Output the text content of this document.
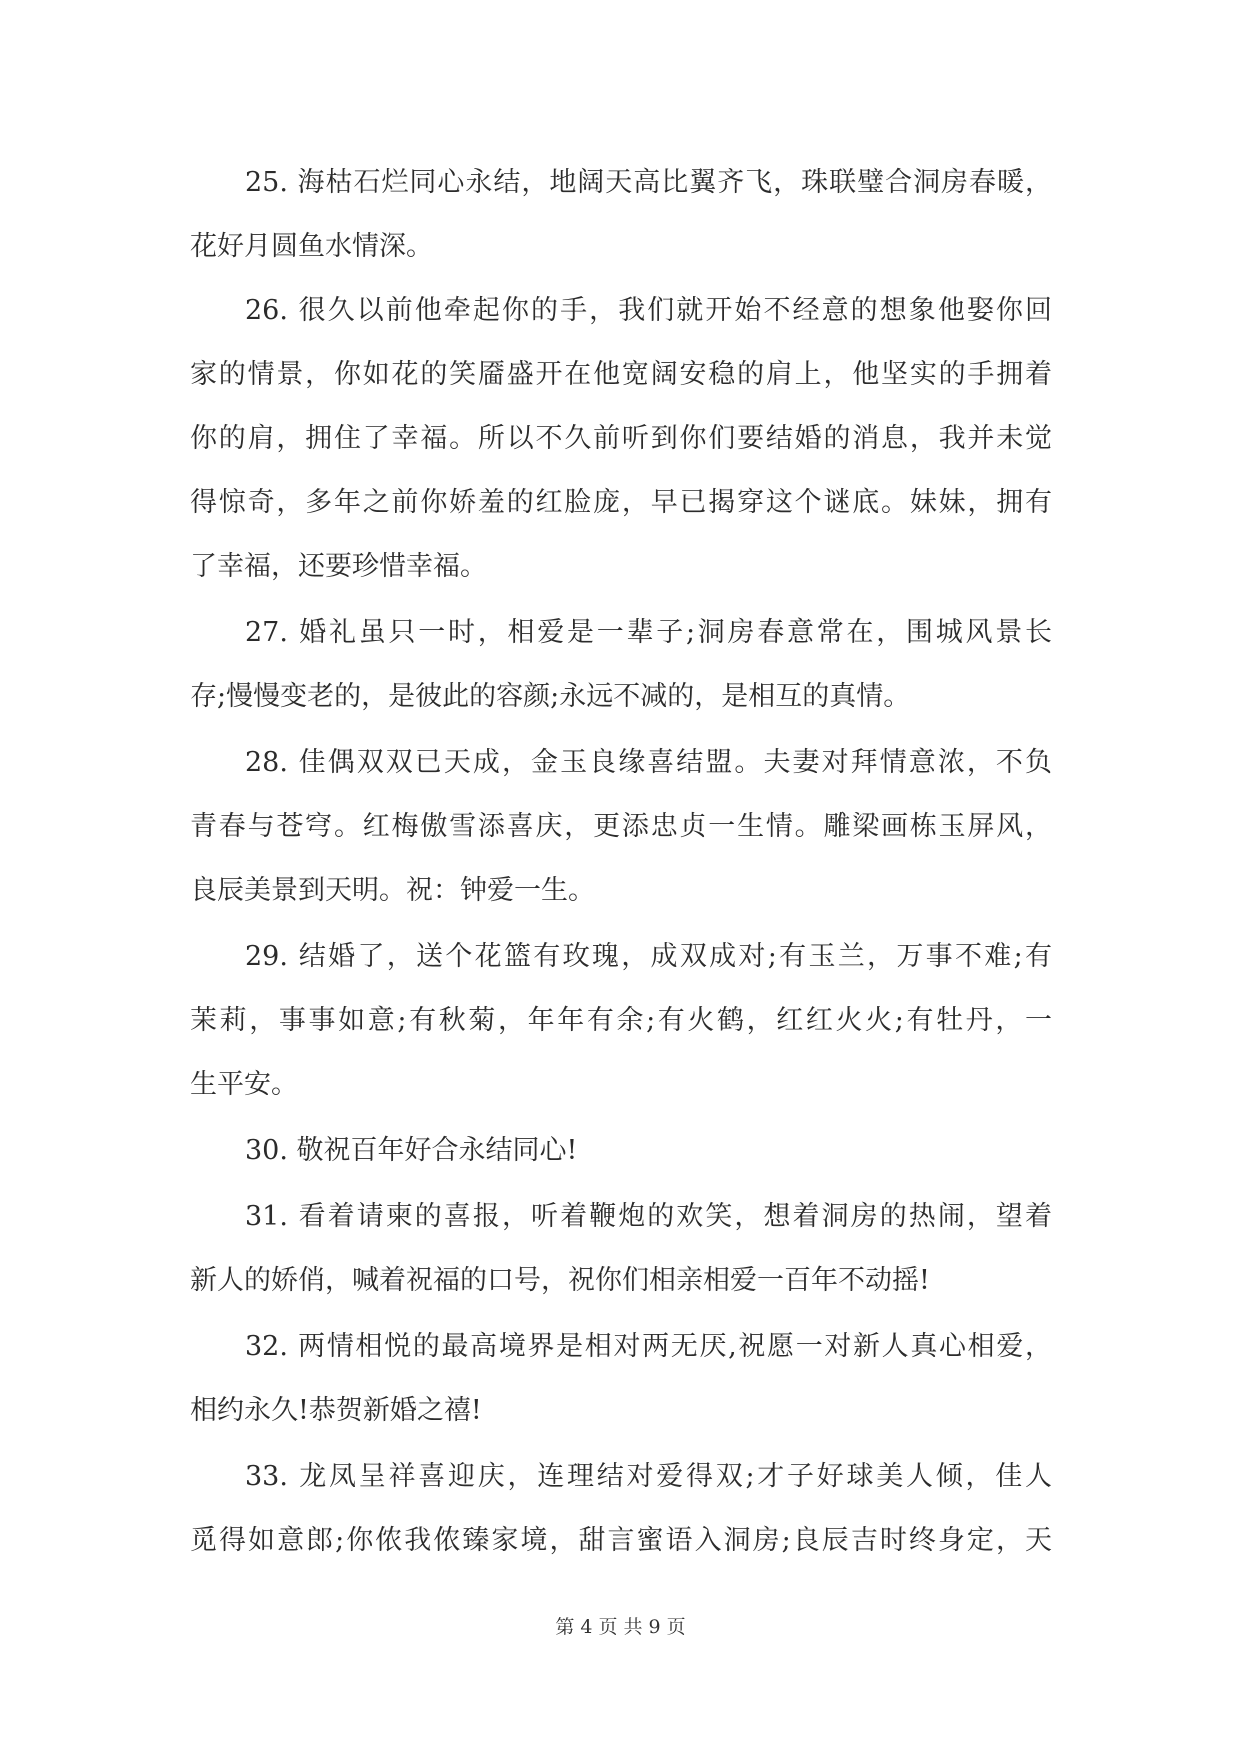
25. 海枯石烂同心永结，地阔天高比翼齐飞，珠联璧合洞房春暖，
花好月圆鱼水情深。
26. 很久以前他牵起你的手，我们就开始不经意的想象他娶你回
家的情景，你如花的笑靥盛开在他宽阔安稳的肩上，他坚实的手拥着
你的肩，拥住了幸福。所以不久前听到你们要结婚的消息，我并未觉
得惊奇，多年之前你娇羞的红脸庞，早已揭穿这个谜底。妹妹，拥有
了幸福，还要珍惜幸福。
27. 婚礼虽只一时，相爱是一辈子;洞房春意常在，围城风景长
存;慢慢变老的，是彼此的容颜;永远不减的，是相互的真情。
28. 佳偶双双已天成，金玉良缘喜结盟。夫妻对拜情意浓，不负
青春与苍穹。红梅傲雪添喜庆，更添忠贞一生情。雕梁画栋玉屏风，
良辰美景到天明。祝：钟爱一生。
29. 结婚了，送个花篮有玫瑰，成双成对;有玉兰，万事不难;有
茉莉，事事如意;有秋菊，年年有余;有火鹤，红红火火;有牡丹，一
生平安。
30. 敬祝百年好合永结同心!
31. 看着请柬的喜报，听着鞭炮的欢笑，想着洞房的热闹，望着
新人的娇俏，喊着祝福的口号，祝你们相亲相爱一百年不动摇!
32. 两情相悦的最高境界是相对两无厌,祝愿一对新人真心相爱，
相约永久!恭贺新婚之禧!
33. 龙凤呈祥喜迎庆，连理结对爱得双;才子好球美人倾，佳人
觅得如意郎;你侬我侬臻家境，甜言蜜语入洞房;良辰吉时终身定，天
第 4 页 共 9 页
